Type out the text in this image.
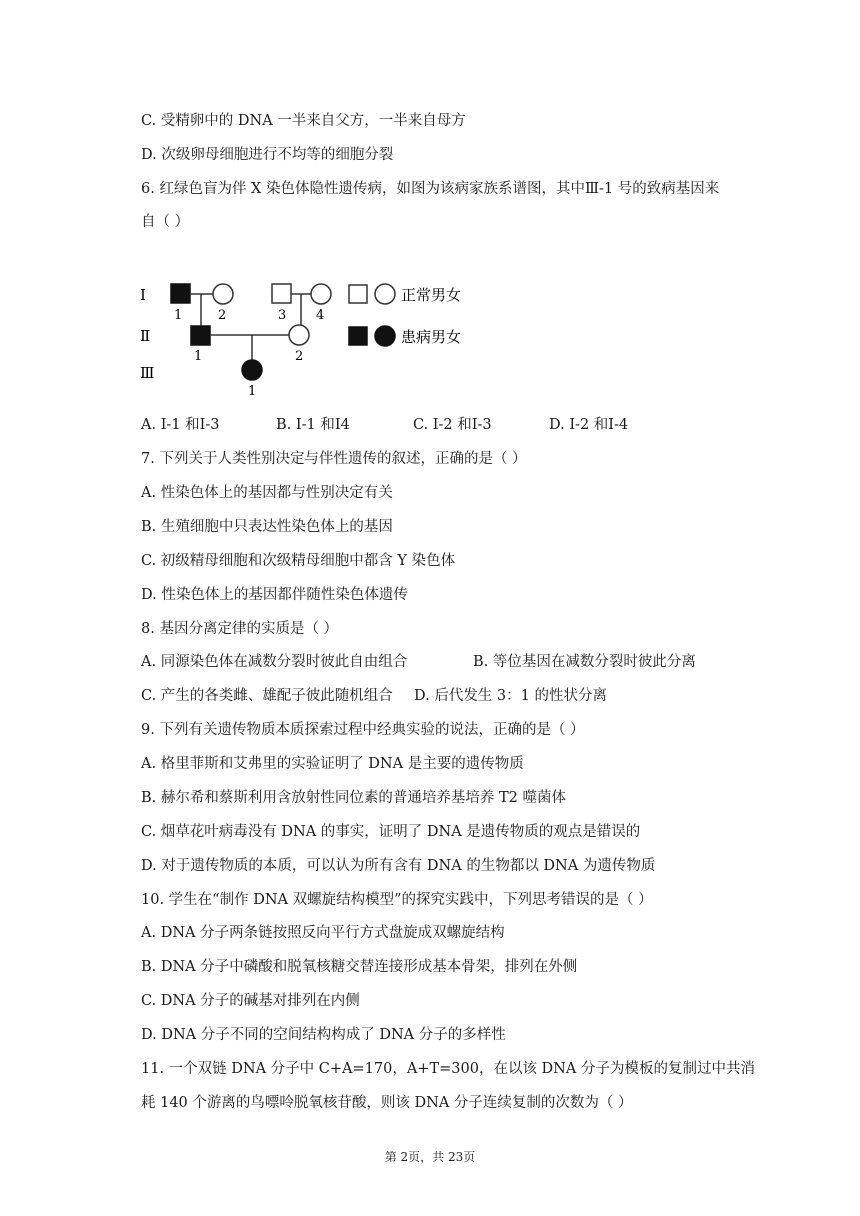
C. 受精卵中的 DNA 一半来自父方，一半来自母方
D. 次级卵母细胞进行不均等的细胞分裂
6. 红绿色盲为伴 X 染色体隐性遗传病，如图为该病家族系谱图，其中Ⅲ-1 号的致病基因来
自（ ）
Ⅰ
Ⅱ
Ⅲ
1	2	3 4
1	2
1
正常男女
患病男女
A. Ⅰ-1 和Ⅰ-3	B. Ⅰ-1 和Ⅰ4	C. Ⅰ-2 和Ⅰ-3	D. Ⅰ-2 和Ⅰ-4
7. 下列关于人类性别决定与伴性遗传的叙述，正确的是（ ）
A. 性染色体上的基因都与性别决定有关
B. 生殖细胞中只表达性染色体上的基因
C. 初级精母细胞和次级精母细胞中都含 Y 染色体
D. 性染色体上的基因都伴随性染色体遗传
8. 基因分离定律的实质是（ ）
A. 同源染色体在减数分裂时彼此自由组合	B. 等位基因在减数分裂时彼此分离
C. 产生的各类雌、雄配子彼此随机组合 D. 后代发生 3：1 的性状分离
9. 下列有关遗传物质本质探索过程中经典实验的说法，正确的是（ ）
A. 格里菲斯和艾弗里的实验证明了 DNA 是主要的遗传物质
B. 赫尔希和蔡斯利用含放射性同位素的普通培养基培养 T2 噬菌体
C. 烟草花叶病毒没有 DNA 的事实，证明了 DNA 是遗传物质的观点是错误的
D. 对于遗传物质的本质，可以认为所有含有 DNA 的生物都以 DNA 为遗传物质
10. 学生在“制作 DNA 双螺旋结构模型”的探究实践中，下列思考错误的是（ ）
A. DNA 分子两条链按照反向平行方式盘旋成双螺旋结构
B. DNA 分子中磷酸和脱氧核糖交替连接形成基本骨架，排列在外侧
C. DNA 分子的碱基对排列在内侧
D. DNA 分子不同的空间结构构成了 DNA 分子的多样性
11. 一个双链 DNA 分子中 C+A=170，A+T=300，在以该 DNA 分子为模板的复制过中共消
耗 140 个游离的鸟嘌呤脱氧核苷酸，则该 DNA 分子连续复制的次数为（ ）
第 2页，共 23页
